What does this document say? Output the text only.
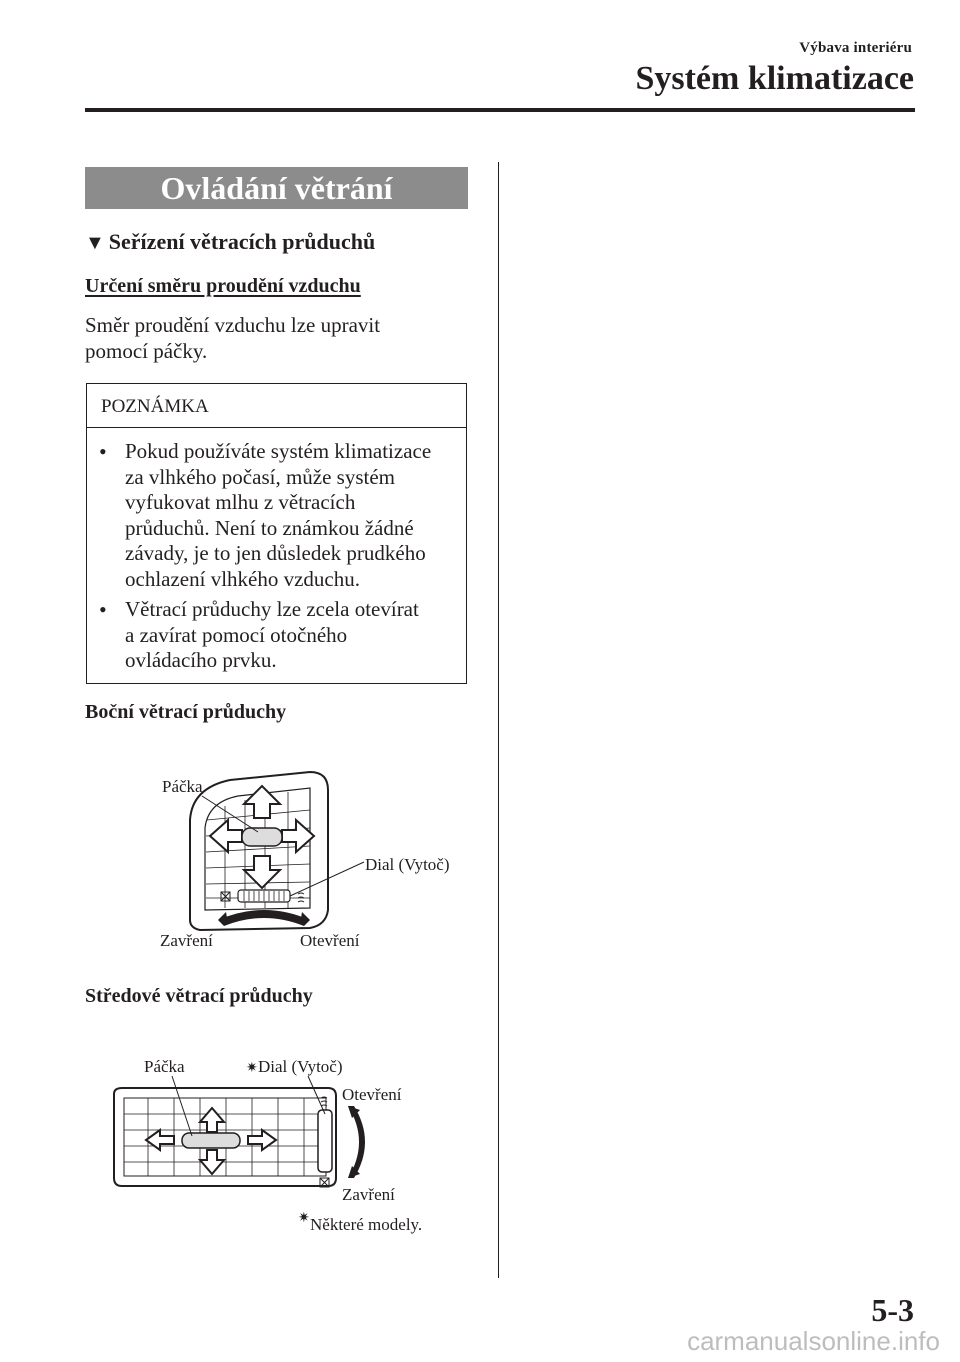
Výbava interiéru
Systém klimatizace
Ovládání větrání
▼ Seřízení větracích průduchů
Určení směru proudění vzduchu
Směr proudění vzduchu lze upravit
pomocí páčky.
POZNÁMKA
• Pokud používáte systém klimatizace
za vlhkého počasí, může systém
vyfukovat mlhu z větracích
průduchů. Není to známkou žádné
závady, je to jen důsledek prudkého
ochlazení vlhkého vzduchu.
• Větrací průduchy lze zcela otevírat
a zavírat pomocí otočného
ovládacího prvku.
Boční větrací průduchy
Páčka
Dial (Vytoč)
Zavření	Otevření
Středové větrací průduchy
Páčka	✷ Dial (Vytoč)
Otevření
Zavření
✷ Některé modely.
5-3
carmanualsonline.info
